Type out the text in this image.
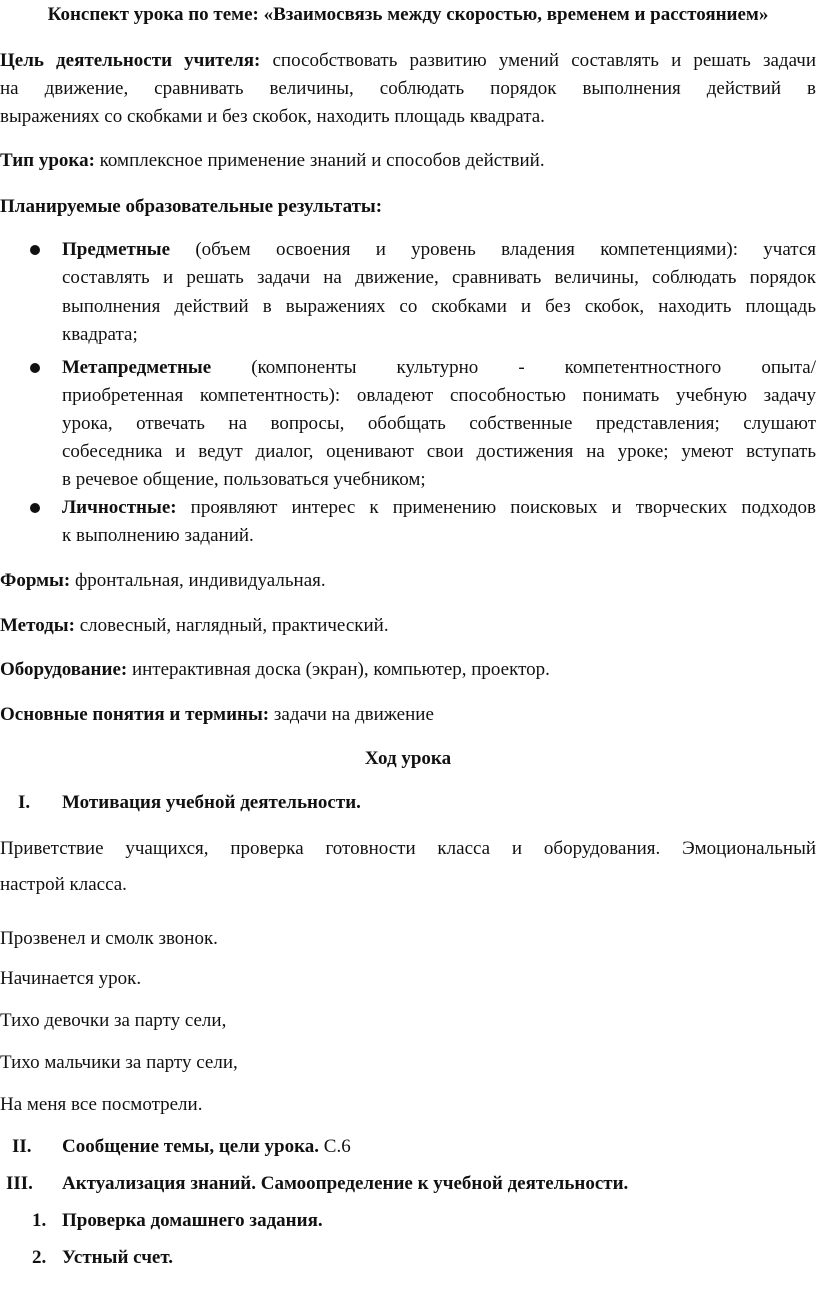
Конспект урока по теме: «Взаимосвязь между скоростью, временем и расстоянием»
Цель деятельности учителя: способствовать развитию умений составлять и решать задачи
на движение, сравнивать величины, соблюдать порядок выполнения действий в
выражениях со скобками и без скобок, находить площадь квадрата.
Тип урока: комплексное применение знаний и способов действий.
Планируемые образовательные результаты:
Предметные (объем освоения и уровень владения компетенциями): учатся
составлять и решать задачи на движение, сравнивать величины, соблюдать порядок
выполнения действий в выражениях со скобками и без скобок, находить площадь
квадрата;
Метапредметные (компоненты культурно - компетентностного опыта/
приобретенная компетентность): овладеют способностью понимать учебную задачу
урока, отвечать на вопросы, обобщать собственные представления; слушают
собеседника и ведут диалог, оценивают свои достижения на уроке; умеют вступать
в речевое общение, пользоваться учебником;
Личностные: проявляют интерес к применению поисковых и творческих подходов
к выполнению заданий.
Формы: фронтальная, индивидуальная.
Методы: словесный, наглядный, практический.
Оборудование: интерактивная доска (экран), компьютер, проектор.
Основные понятия и термины: задачи на движение
Ход урока
I. Мотивация учебной деятельности.
Приветствие учащихся, проверка готовности класса и оборудования. Эмоциональный
настрой класса.
Прозвенел и смолк звонок.
Начинается урок.
Тихо девочки за парту сели,
Тихо мальчики за парту сели,
На меня все посмотрели.
II. Сообщение темы, цели урока. С.6
III. Актуализация знаний. Самоопределение к учебной деятельности.
1. Проверка домашнего задания.
2. Устный счет.
